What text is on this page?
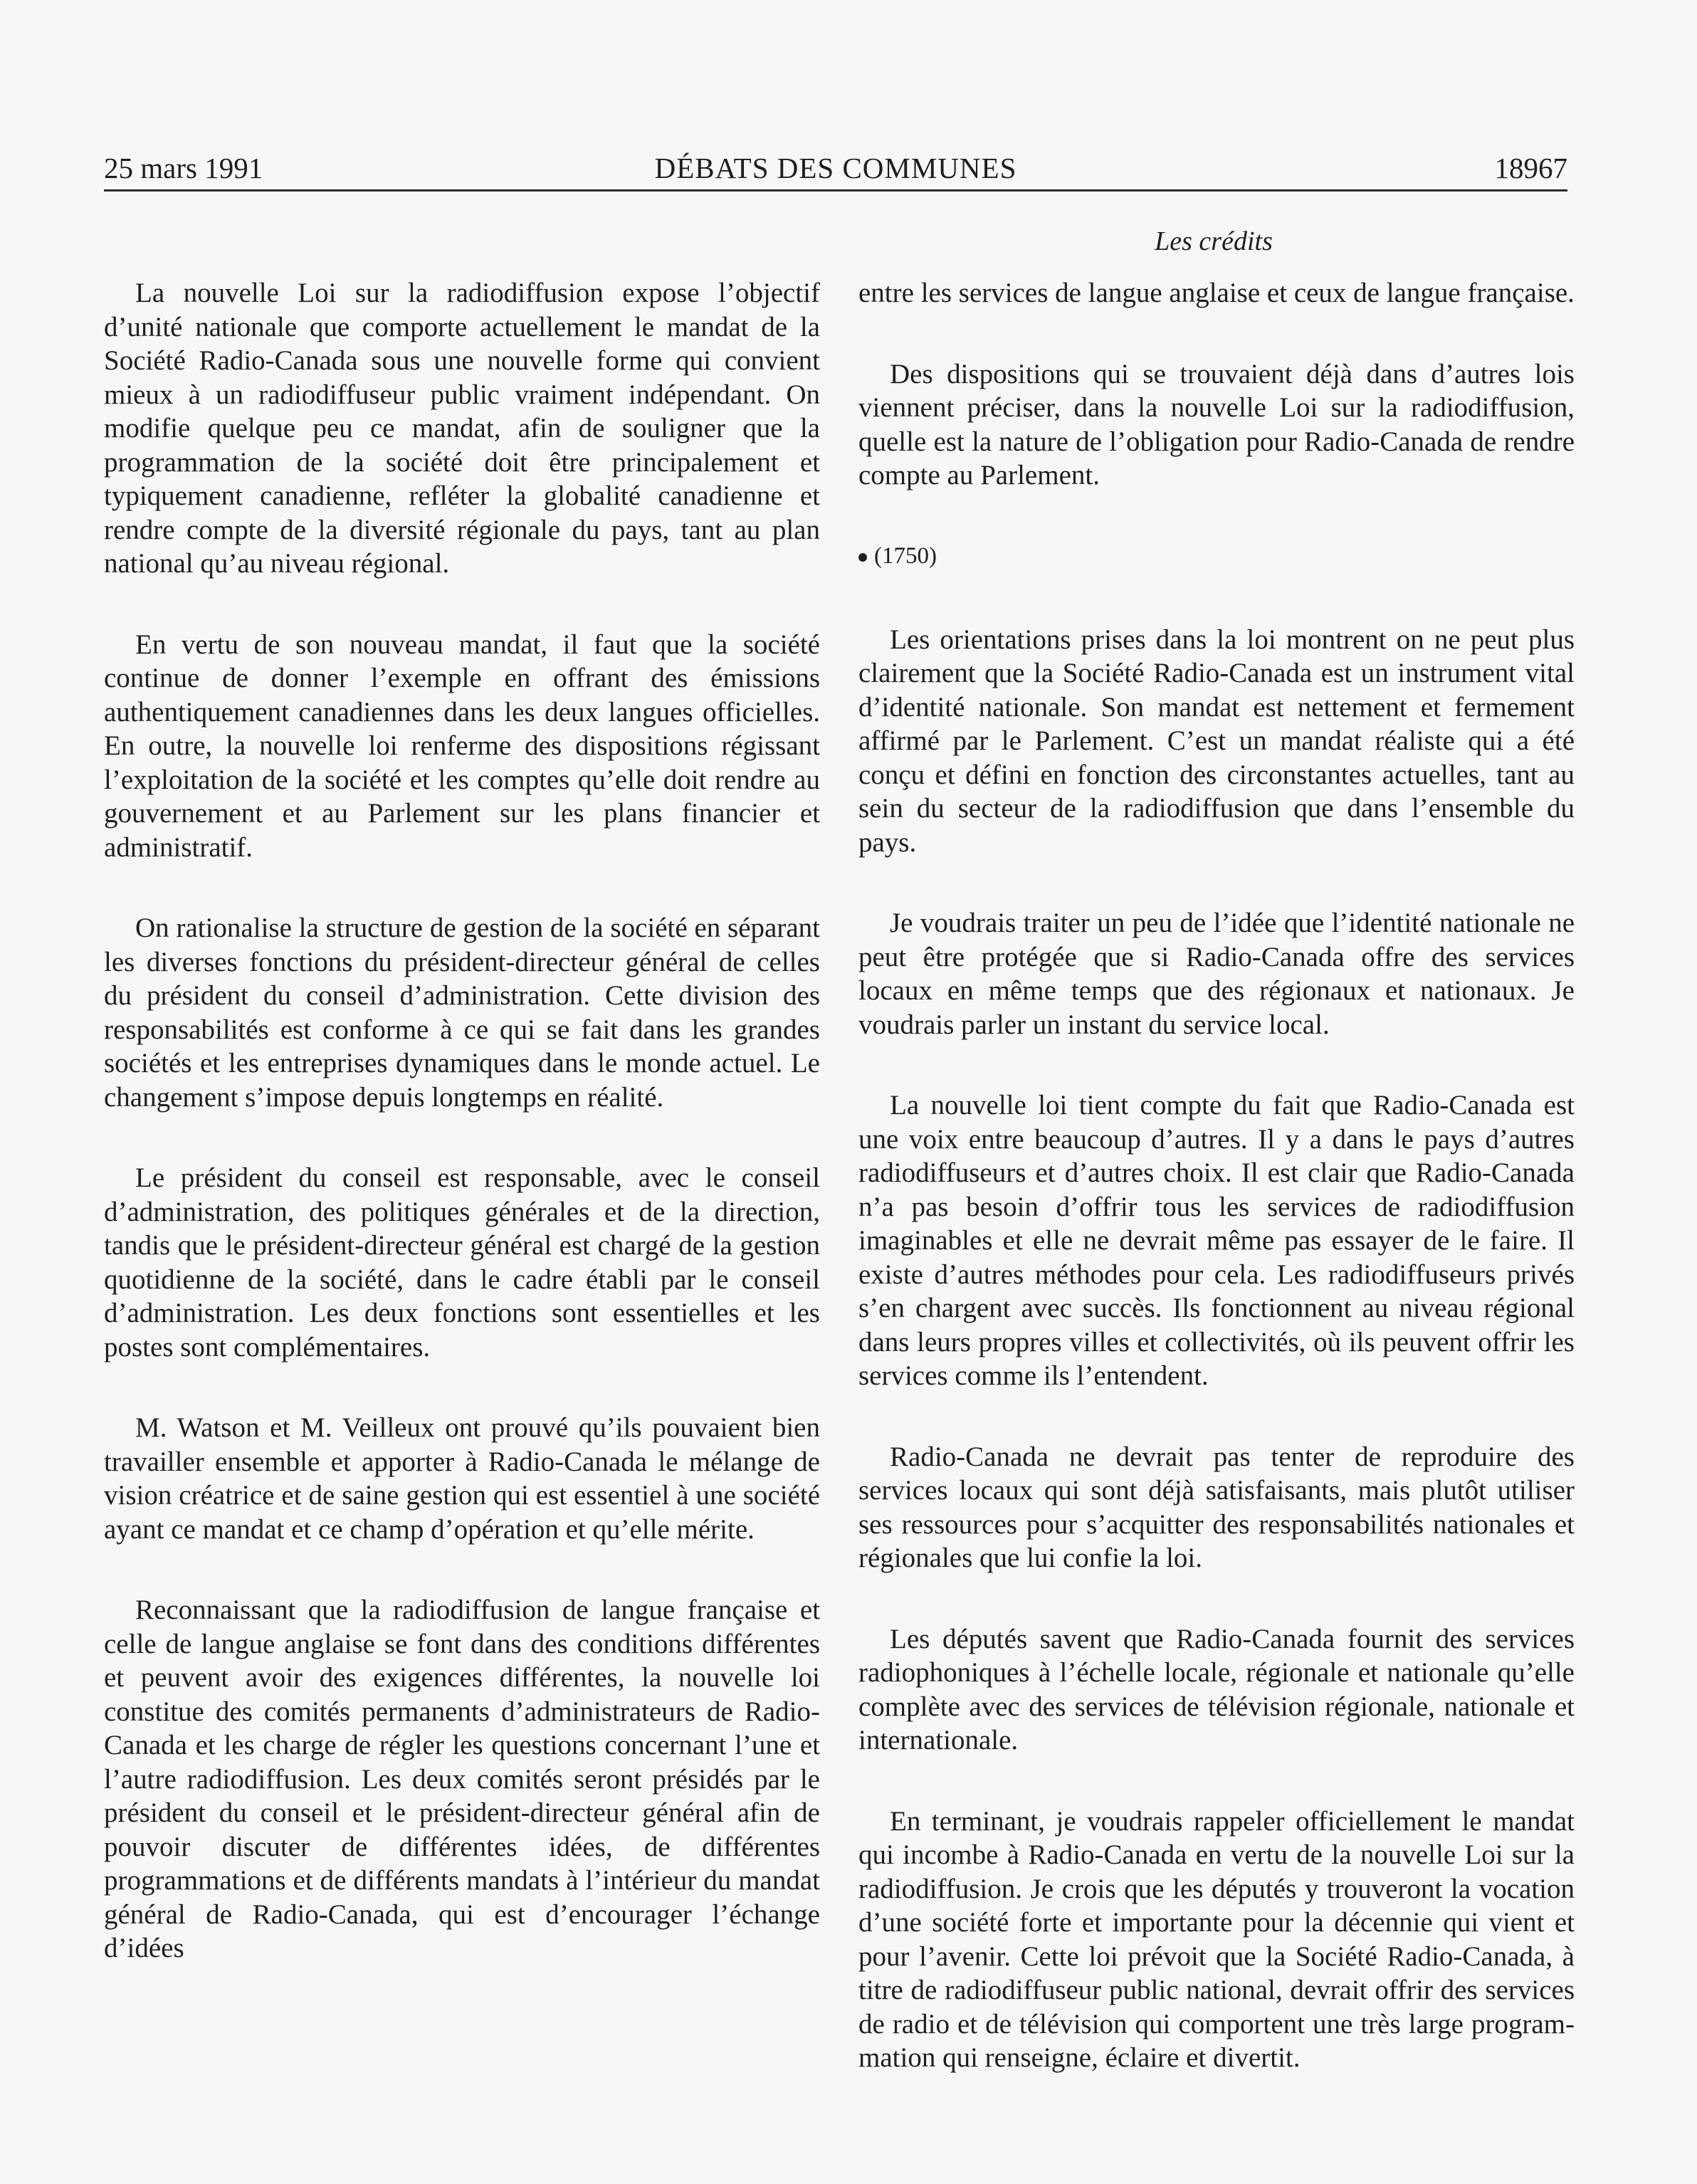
25 mars 1991	DÉBATS DES COMMUNES	18967
Les crédits

La nouvelle Loi sur la radiodiffusion expose l’objectif d’unité nationale que comporte actuellement le mandat de la Société Radio-Canada sous une nouvelle forme qui convient mieux à un radiodiffuseur public vraiment indépendant. On modifie quelque peu ce mandat, afin de souligner que la programmation de la société doit être principalement et typiquement canadienne, refléter la globalité canadienne et rendre compte de la diversité régionale du pays, tant au plan national qu’au niveau régional.

En vertu de son nouveau mandat, il faut que la société continue de donner l’exemple en offrant des émissions authentiquement canadiennes dans les deux langues officielles. En outre, la nouvelle loi renferme des dispositions régissant l’exploitation de la société et les comptes qu’elle doit rendre au gouvernement et au Parlement sur les plans financier et administratif.

On rationalise la structure de gestion de la société en séparant les diverses fonctions du président-directeur général de celles du président du conseil d’administration. Cette division des responsabilités est conforme à ce qui se fait dans les grandes sociétés et les entreprises dynamiques dans le monde actuel. Le changement s’impose depuis longtemps en réalité.

Le président du conseil est responsable, avec le conseil d’administration, des politiques générales et de la direction, tandis que le président-directeur général est chargé de la gestion quotidienne de la société, dans le cadre établi par le conseil d’administration. Les deux fonctions sont essentielles et les postes sont complémentaires.

M. Watson et M. Veilleux ont prouvé qu’ils pouvaient bien travailler ensemble et apporter à Radio-Canada le mélange de vision créatrice et de saine gestion qui est essentiel à une société ayant ce mandat et ce champ d’opération et qu’elle mérite.

Reconnaissant que la radiodiffusion de langue française et celle de langue anglaise se font dans des conditions différentes et peuvent avoir des exigences différentes, la nouvelle loi constitue des comités permanents d’administrateurs de Radio-Canada et les charge de régler les questions concernant l’une et l’autre radiodiffusion. Les deux comités seront présidés par le président du conseil et le président-directeur général afin de pouvoir discuter de différentes idées, de différentes programmations et de différents mandats à l’intérieur du mandat général de Radio-Canada, qui est d’encourager l’échange d’idées

entre les services de langue anglaise et ceux de langue française.

Des dispositions qui se trouvaient déjà dans d’autres lois viennent préciser, dans la nouvelle Loi sur la radiodiffusion, quelle est la nature de l’obligation pour Radio-Canada de rendre compte au Parlement.

(1750)

Les orientations prises dans la loi montrent on ne peut plus clairement que la Société Radio-Canada est un instrument vital d’identité nationale. Son mandat est nettement et fermement affirmé par le Parlement. C’est un mandat réaliste qui a été conçu et défini en fonction des circonstantes actuelles, tant au sein du secteur de la radiodiffusion que dans l’ensemble du pays.

Je voudrais traiter un peu de l’idée que l’identité nationale ne peut être protégée que si Radio-Canada offre des services locaux en même temps que des régionaux et nationaux. Je voudrais parler un instant du service local.

La nouvelle loi tient compte du fait que Radio-Canada est une voix entre beaucoup d’autres. Il y a dans le pays d’autres radiodiffuseurs et d’autres choix. Il est clair que Radio-Canada n’a pas besoin d’offrir tous les services de radiodiffusion imaginables et elle ne devrait même pas essayer de le faire. Il existe d’autres méthodes pour cela. Les radiodiffuseurs privés s’en chargent avec succès. Ils fonctionnent au niveau régional dans leurs propres villes et collectivités, où ils peuvent offrir les services comme ils l’entendent.

Radio-Canada ne devrait pas tenter de reproduire des services locaux qui sont déjà satisfaisants, mais plutôt utiliser ses ressources pour s’acquitter des responsabilités nationales et régionales que lui confie la loi.

Les députés savent que Radio-Canada fournit des services radiophoniques à l’échelle locale, régionale et nationale qu’elle complète avec des services de télévision régionale, nationale et internationale.

En terminant, je voudrais rappeler officiellement le mandat qui incombe à Radio-Canada en vertu de la nouvelle Loi sur la radiodiffusion. Je crois que les députés y trouveront la vocation d’une société forte et importante pour la décennie qui vient et pour l’avenir. Cette loi prévoit que la Société Radio-Canada, à titre de radiodiffuseur public national, devrait offrir des services de radio et de télévision qui comportent une très large programmation qui renseigne, éclaire et divertit.
